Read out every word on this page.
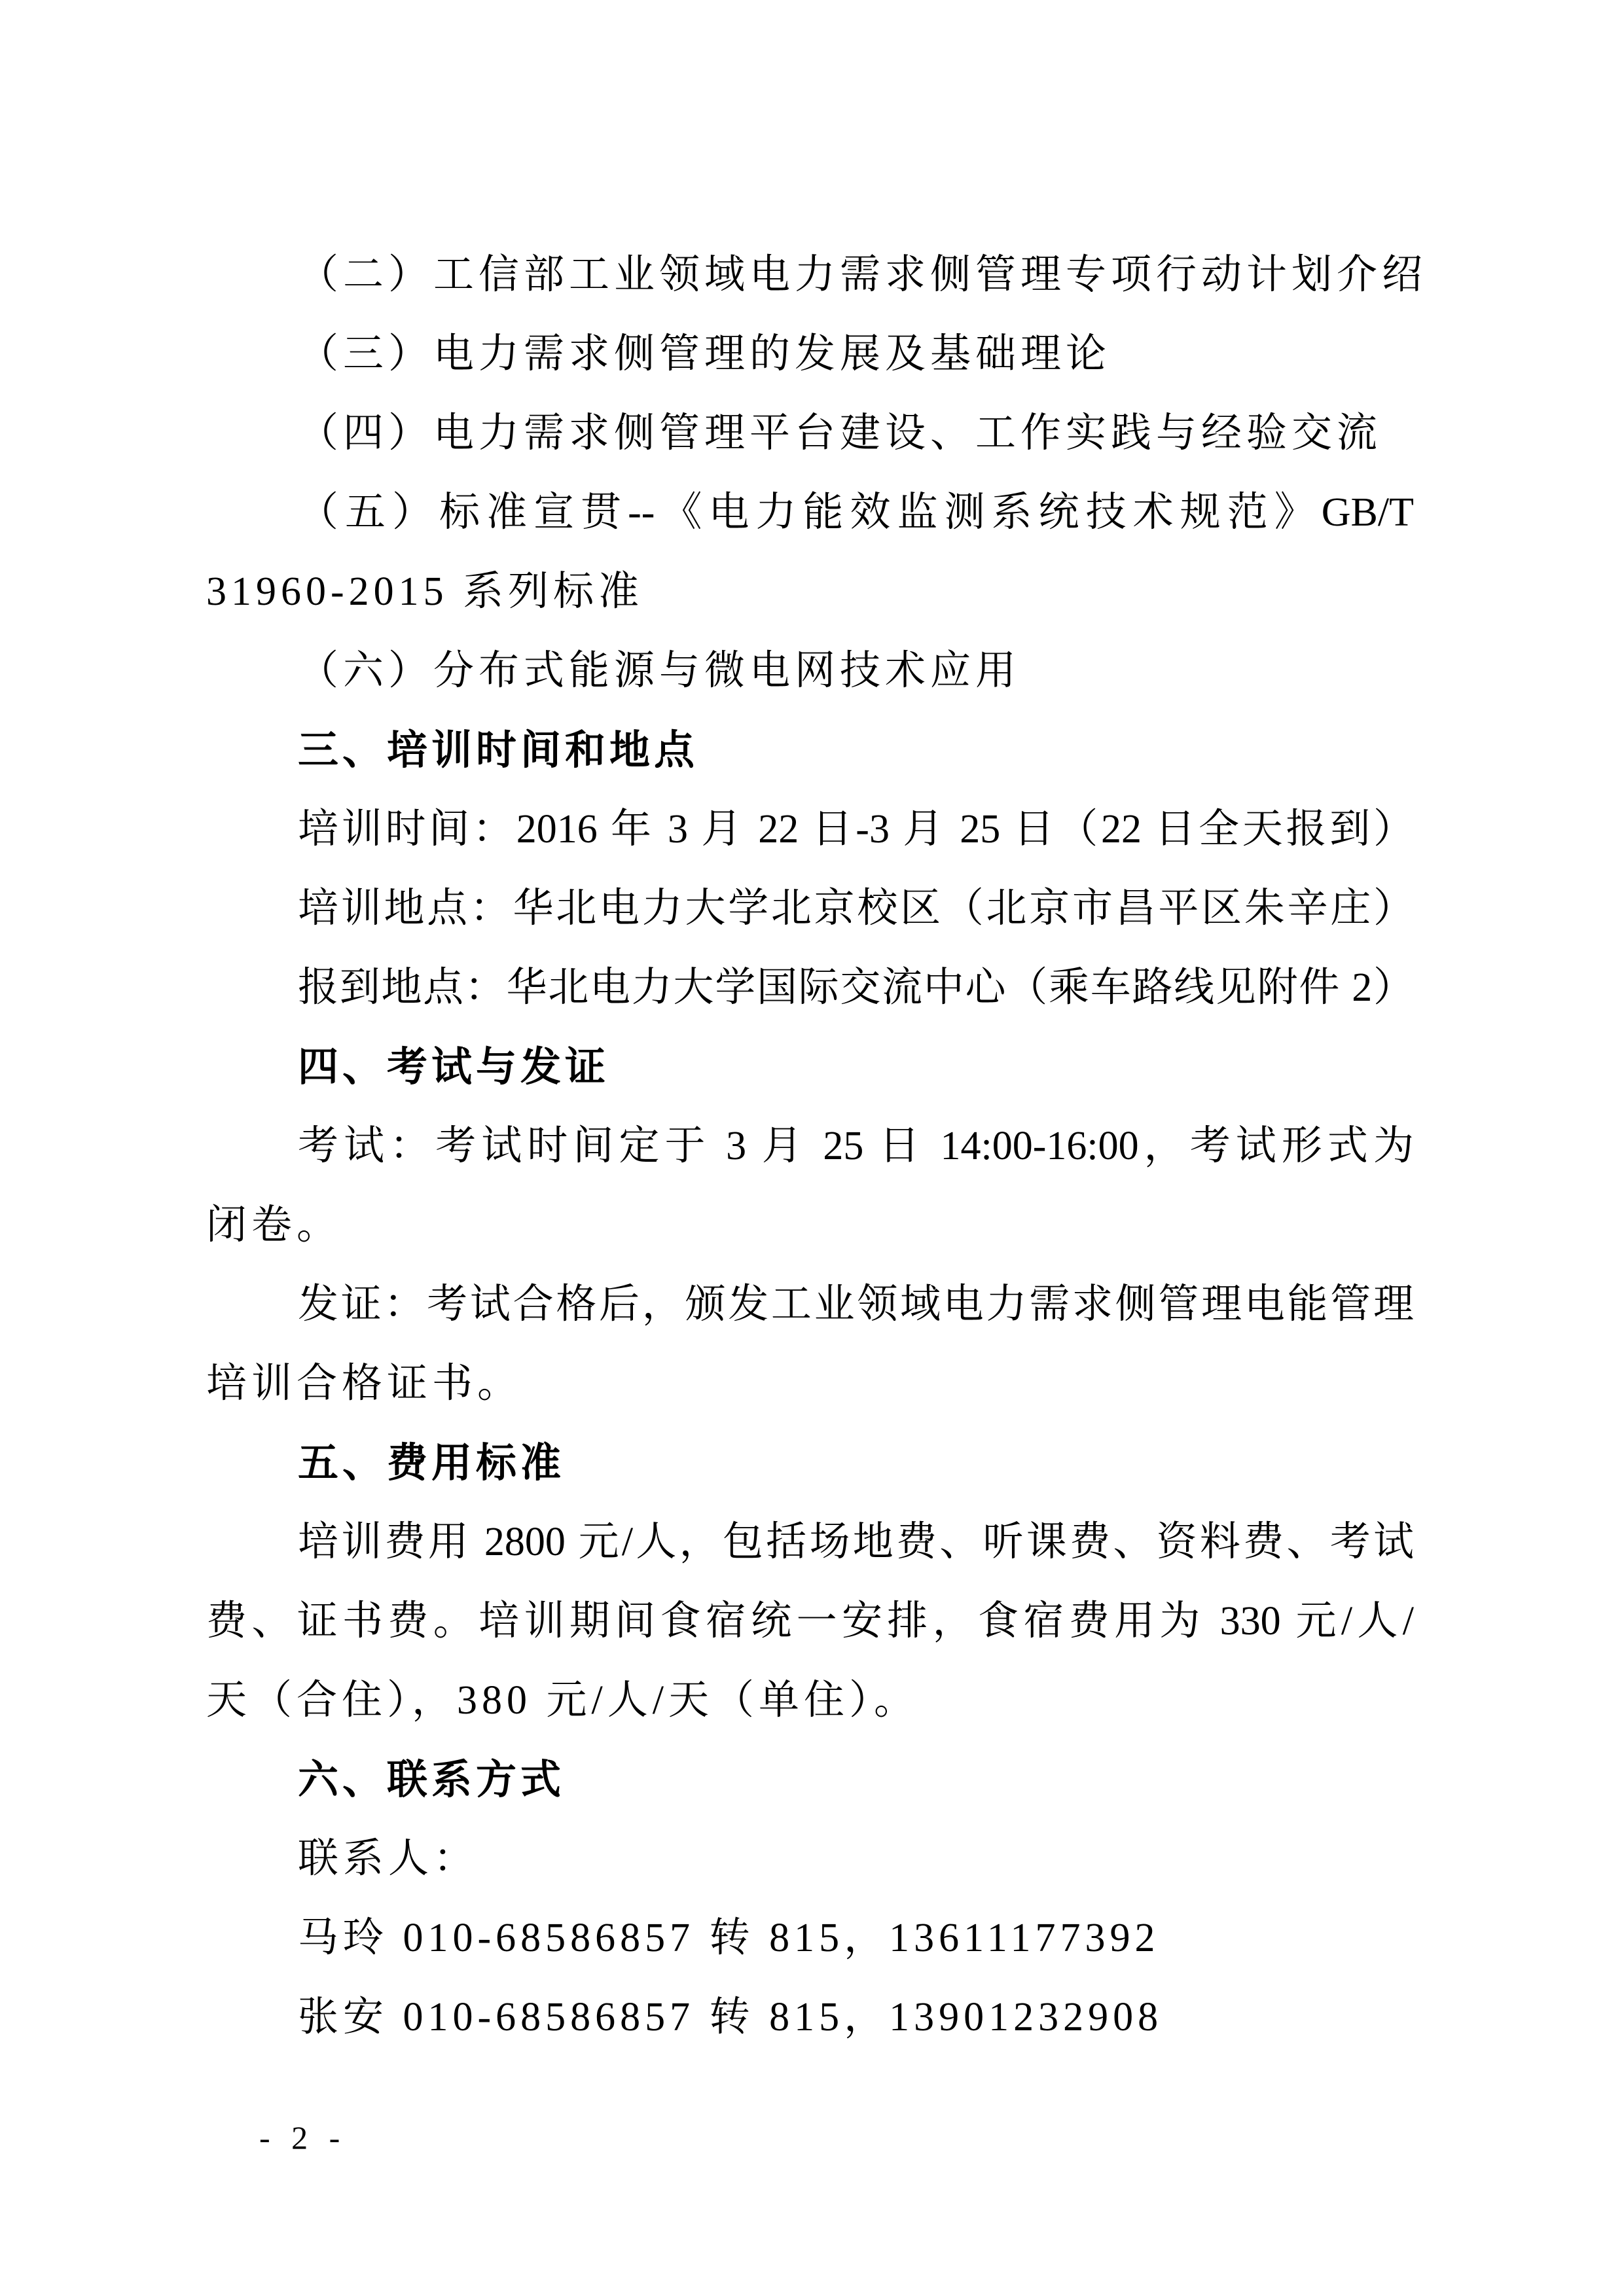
（二）工信部工业领域电力需求侧管理专项行动计划介绍
（三）电力需求侧管理的发展及基础理论
（四）电力需求侧管理平台建设、工作实践与经验交流
（五）标准宣贯--《电力能效监测系统技术规范》GB/T
31960-2015 系列标准
（六）分布式能源与微电网技术应用
三、培训时间和地点
培训时间：2016 年 3 月 22 日-3 月 25 日（22 日全天报到）
培训地点：华北电力大学北京校区（北京市昌平区朱辛庄）
报到地点：华北电力大学国际交流中心（乘车路线见附件 2）
四、考试与发证
考试：考试时间定于 3 月 25 日 14:00-16:00，考试形式为
闭卷。
发证：考试合格后，颁发工业领域电力需求侧管理电能管理
培训合格证书。
五、费用标准
培训费用 2800 元/人，包括场地费、听课费、资料费、考试
费、证书费。培训期间食宿统一安排，食宿费用为 330 元/人/
天（合住），380 元/人/天（单住）。
六、联系方式
联系人：
马玲 010-68586857 转 815，13611177392
张安 010-68586857 转 815，13901232908
- 2 -
